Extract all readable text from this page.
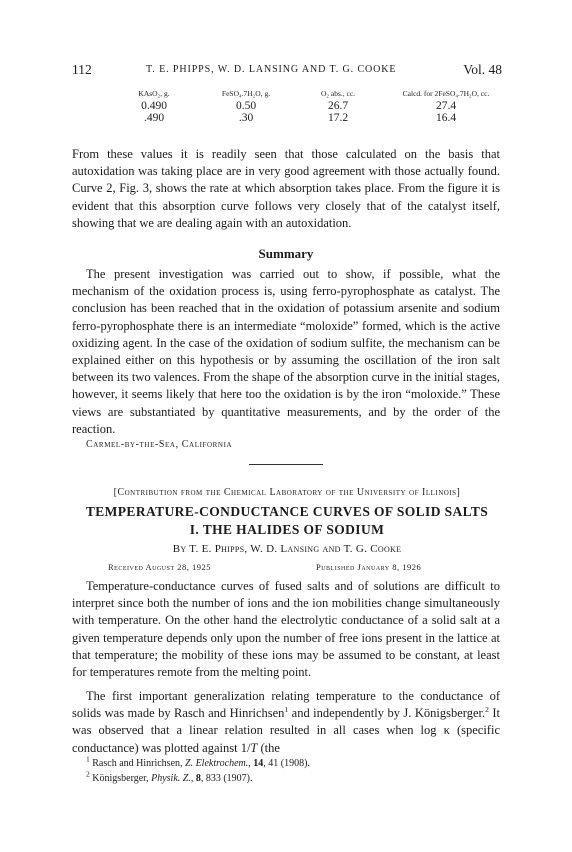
112	T. E. PHIPPS, W. D. LANSING AND T. G. COOKE	Vol. 48
KAsO₂, g.	FeSO₄.7H₂O, g.	O₂ abs., cc.	Calcd. for 2FeSO₄.7H₂O, cc.
0.490	0.50	26.7	27.4
.490	.30	17.2	16.4

From these values it is readily seen that those calculated on the basis that autoxidation was taking place are in very good agreement with those actually found. Curve 2, Fig. 3, shows the rate at which absorption takes place. From the figure it is evident that this absorption curve follows very closely that of the catalyst itself, showing that we are dealing again with an autoxidation.

Summary

The present investigation was carried out to show, if possible, what the mechanism of the oxidation process is, using ferro-pyrophosphate as catalyst. The conclusion has been reached that in the oxidation of potassium arsenite and sodium ferro-pyrophosphate there is an intermediate “moloxide” formed, which is the active oxidizing agent. In the case of the oxidation of sodium sulfite, the mechanism can be explained either on this hypothesis or by assuming the oscillation of the iron salt between its two valences. From the shape of the absorption curve in the initial stages, however, it seems likely that here too the oxidation is by the iron “moloxide.” These views are substantiated by quantitative measurements, and by the order of the reaction.

Carmel-by-the-Sea, California
[Contribution from the Chemical Laboratory of the University of Illinois]
TEMPERATURE-CONDUCTANCE CURVES OF SOLID SALTS
I. THE HALIDES OF SODIUM
By T. E. Phipps, W. D. Lansing and T. G. Cooke
Received August 28, 1925	Published January 8, 1926

Temperature-conductance curves of fused salts and of solutions are difficult to interpret since both the number of ions and the ion mobilities change simultaneously with temperature. On the other hand the electrolytic conductance of a solid salt at a given temperature depends only upon the number of free ions present in the lattice at that temperature; the mobility of these ions may be assumed to be constant, at least for temperatures remote from the melting point.

The first important generalization relating temperature to the conductance of solids was made by Rasch and Hinrichsen$^1$ and independently by J. Königsberger.$^2$ It was observed that a linear relation resulted in all cases when log κ (specific conductance) was plotted against 1/T (the

$^1$ Rasch and Hinrichsen, Z. Elektrochem., 14, 41 (1908).
$^2$ Königsberger, Physik. Z., 8, 833 (1907).
